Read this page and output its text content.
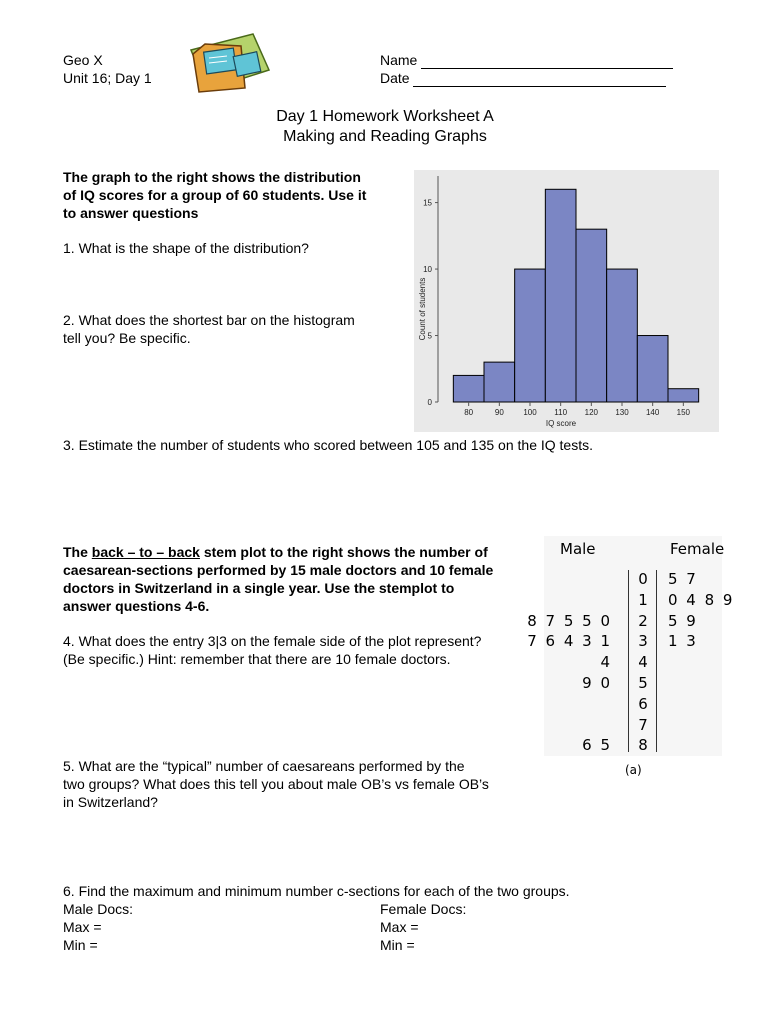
Geo X
Unit 16; Day 1
Name
Date
Day 1 Homework Worksheet A
Making and Reading Graphs
The graph to the right shows the distribution
of IQ scores for a group of 60 students. Use it
to answer questions
1. What is the shape of the distribution?
2. What does the shortest bar on the histogram
tell you? Be specific.
0
5
10
15
80	90 100 110 120 130 140 150
IQ score
Count of students
3. Estimate the number of students who scored between 105 and 135 on the IQ tests.
The back – to – back stem plot to the right shows the number of
caesarean-sections performed by 15 male doctors and 10 female
doctors in Switzerland in a single year. Use the stemplot to
answer questions 4-6.
4. What does the entry 3|3 on the female side of the plot represent?
(Be specific.) Hint: remember that there are 10 female doctors.
Male	Female
0 5 7
1 0 4 8 9
8 7 5 5 0 2 5 9
7 6 4 3 1 3 1 3
4 4
9 0 5
6
7
6 5 8
(a)
5. What are the “typical” number of caesareans performed by the
two groups? What does this tell you about male OB’s vs female OB’s
in Switzerland?
6. Find the maximum and minimum number c-sections for each of the two groups.
Male Docs:
Max =
Min =
Female Docs:
Max =
Min =
